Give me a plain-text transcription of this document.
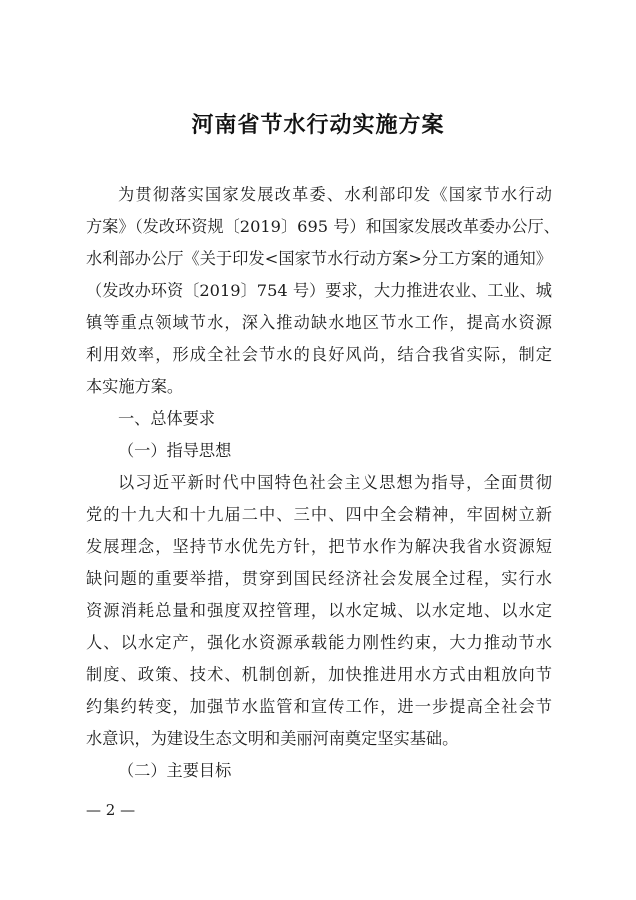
河南省节水行动实施方案
为贯彻落实国家发展改革委、水利部印发《国家节水行动
方案》（发改环资规〔2019〕695 号）和国家发展改革委办公厅、
水利部办公厅《关于印发<国家节水行动方案>分工方案的通知》
（发改办环资〔2019〕754 号）要求，大力推进农业、工业、城
镇等重点领域节水，深入推动缺水地区节水工作，提高水资源
利用效率，形成全社会节水的良好风尚，结合我省实际，制定
本实施方案。
一、总体要求
（一）指导思想
以习近平新时代中国特色社会主义思想为指导，全面贯彻
党的十九大和十九届二中、三中、四中全会精神，牢固树立新
发展理念，坚持节水优先方针，把节水作为解决我省水资源短
缺问题的重要举措，贯穿到国民经济社会发展全过程，实行水
资源消耗总量和强度双控管理，以水定城、以水定地、以水定
人、以水定产，强化水资源承载能力刚性约束，大力推动节水
制度、政策、技术、机制创新，加快推进用水方式由粗放向节
约集约转变，加强节水监管和宣传工作，进一步提高全社会节
水意识，为建设生态文明和美丽河南奠定坚实基础。
（二）主要目标
— 2 —
